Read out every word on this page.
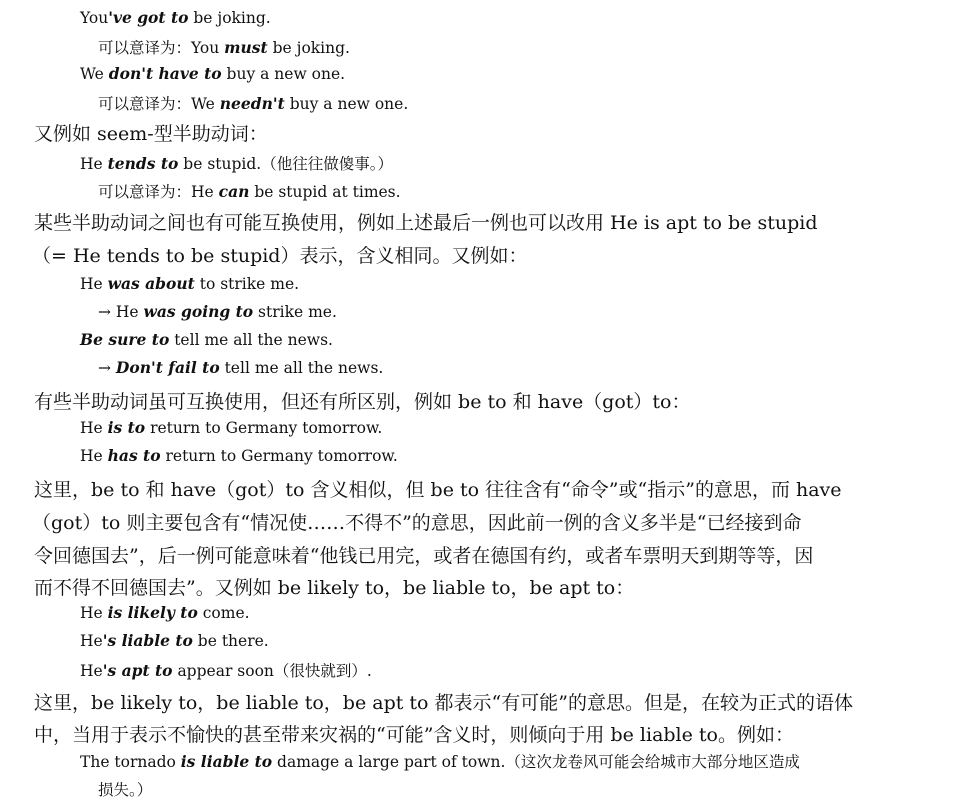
You've got to be joking.
可以意译为：You must be joking.
We don't have to buy a new one.
可以意译为：We needn't buy a new one.
又例如 seem-型半助动词：
He tends to be stupid.（他往往做傻事。）
可以意译为：He can be stupid at times.
某些半助动词之间也有可能互换使用，例如上述最后一例也可以改用 He is apt to be stupid
（= He tends to be stupid）表示，含义相同。又例如：
He was about to strike me.
→ He was going to strike me.
Be sure to tell me all the news.
→ Don't fail to tell me all the news.
有些半助动词虽可互换使用，但还有所区别，例如 be to 和 have（got）to：
He is to return to Germany tomorrow.
He has to return to Germany tomorrow.
这里，be to 和 have（got）to 含义相似，但 be to 往往含有“命令”或“指示”的意思，而 have
（got）to 则主要包含有“情况使……不得不”的意思，因此前一例的含义多半是“已经接到命
令回德国去”，后一例可能意味着“他钱已用完，或者在德国有约，或者车票明天到期等等，因
而不得不回德国去”。又例如 be likely to，be liable to，be apt to：
He is likely to come.
He's liable to be there.
He's apt to appear soon（很快就到）.
这里，be likely to，be liable to，be apt to 都表示“有可能”的意思。但是，在较为正式的语体
中，当用于表示不愉快的甚至带来灾祸的“可能”含义时，则倾向于用 be liable to。例如：
The tornado is liable to damage a large part of town.（这次龙卷风可能会给城市大部分地区造成
损失。）
